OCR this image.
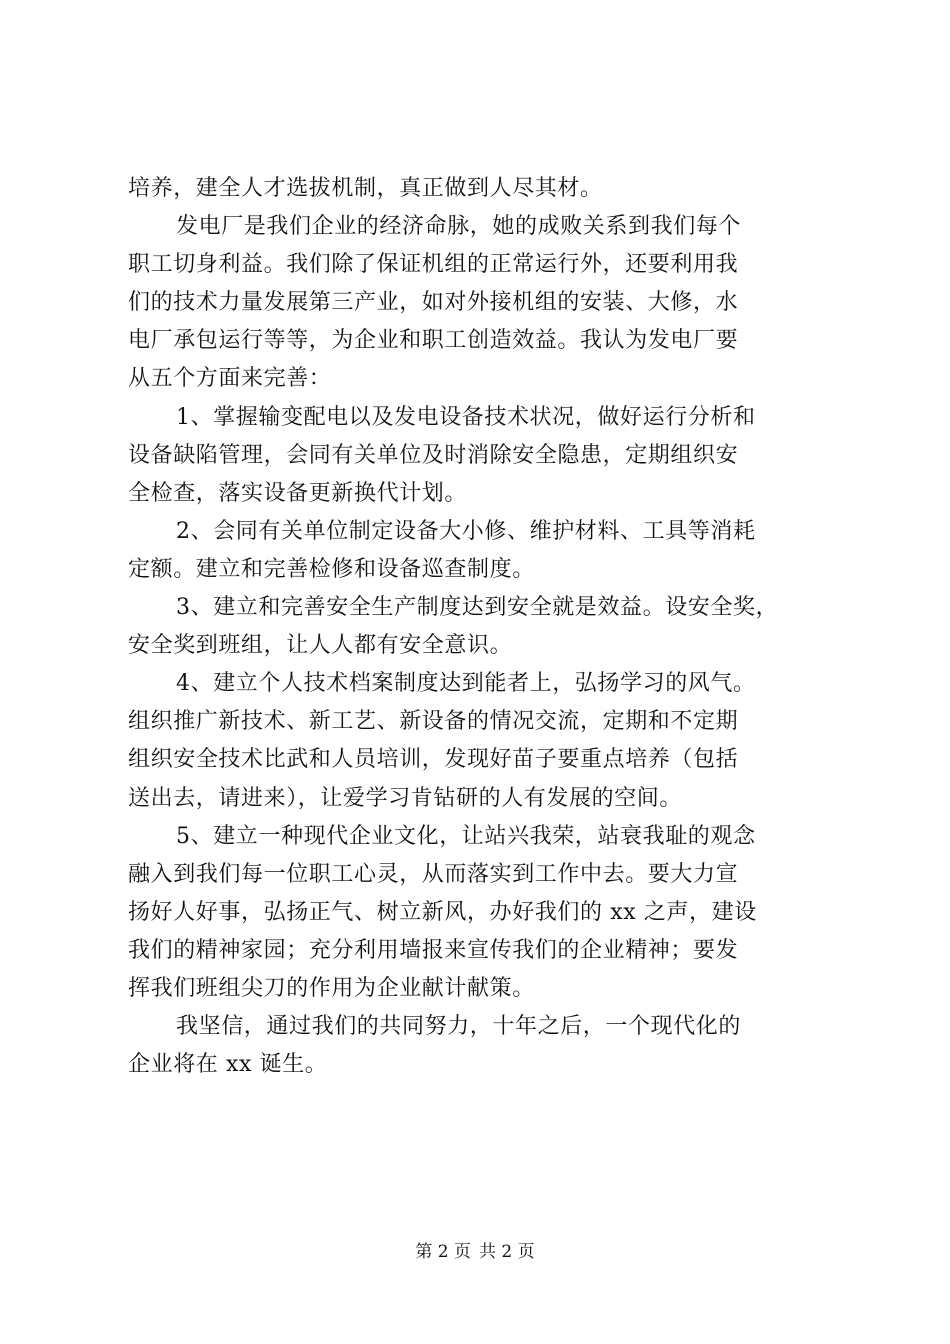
培养，建全人才选拔机制，真正做到人尽其材。
发电厂是我们企业的经济命脉，她的成败关系到我们每个
职工切身利益。我们除了保证机组的正常运行外，还要利用我
们的技术力量发展第三产业，如对外接机组的安装、大修，水
电厂承包运行等等，为企业和职工创造效益。我认为发电厂要
从五个方面来完善：
1、掌握输变配电以及发电设备技术状况，做好运行分析和
设备缺陷管理，会同有关单位及时消除安全隐患，定期组织安
全检查，落实设备更新换代计划。
2、会同有关单位制定设备大小修、维护材料、工具等消耗
定额。建立和完善检修和设备巡查制度。
3、建立和完善安全生产制度达到安全就是效益。设安全奖，
安全奖到班组，让人人都有安全意识。
4、建立个人技术档案制度达到能者上，弘扬学习的风气。
组织推广新技术、新工艺、新设备的情况交流，定期和不定期
组织安全技术比武和人员培训，发现好苗子要重点培养（包括
送出去，请进来），让爱学习肯钻研的人有发展的空间。
5、建立一种现代企业文化，让站兴我荣，站衰我耻的观念
融入到我们每一位职工心灵，从而落实到工作中去。要大力宣
扬好人好事，弘扬正气、树立新风，办好我们的 xx 之声，建设
我们的精神家园；充分利用墙报来宣传我们的企业精神；要发
挥我们班组尖刀的作用为企业献计献策。
我坚信，通过我们的共同努力，十年之后，一个现代化的
企业将在 xx 诞生。
第 2 页 共 2 页
